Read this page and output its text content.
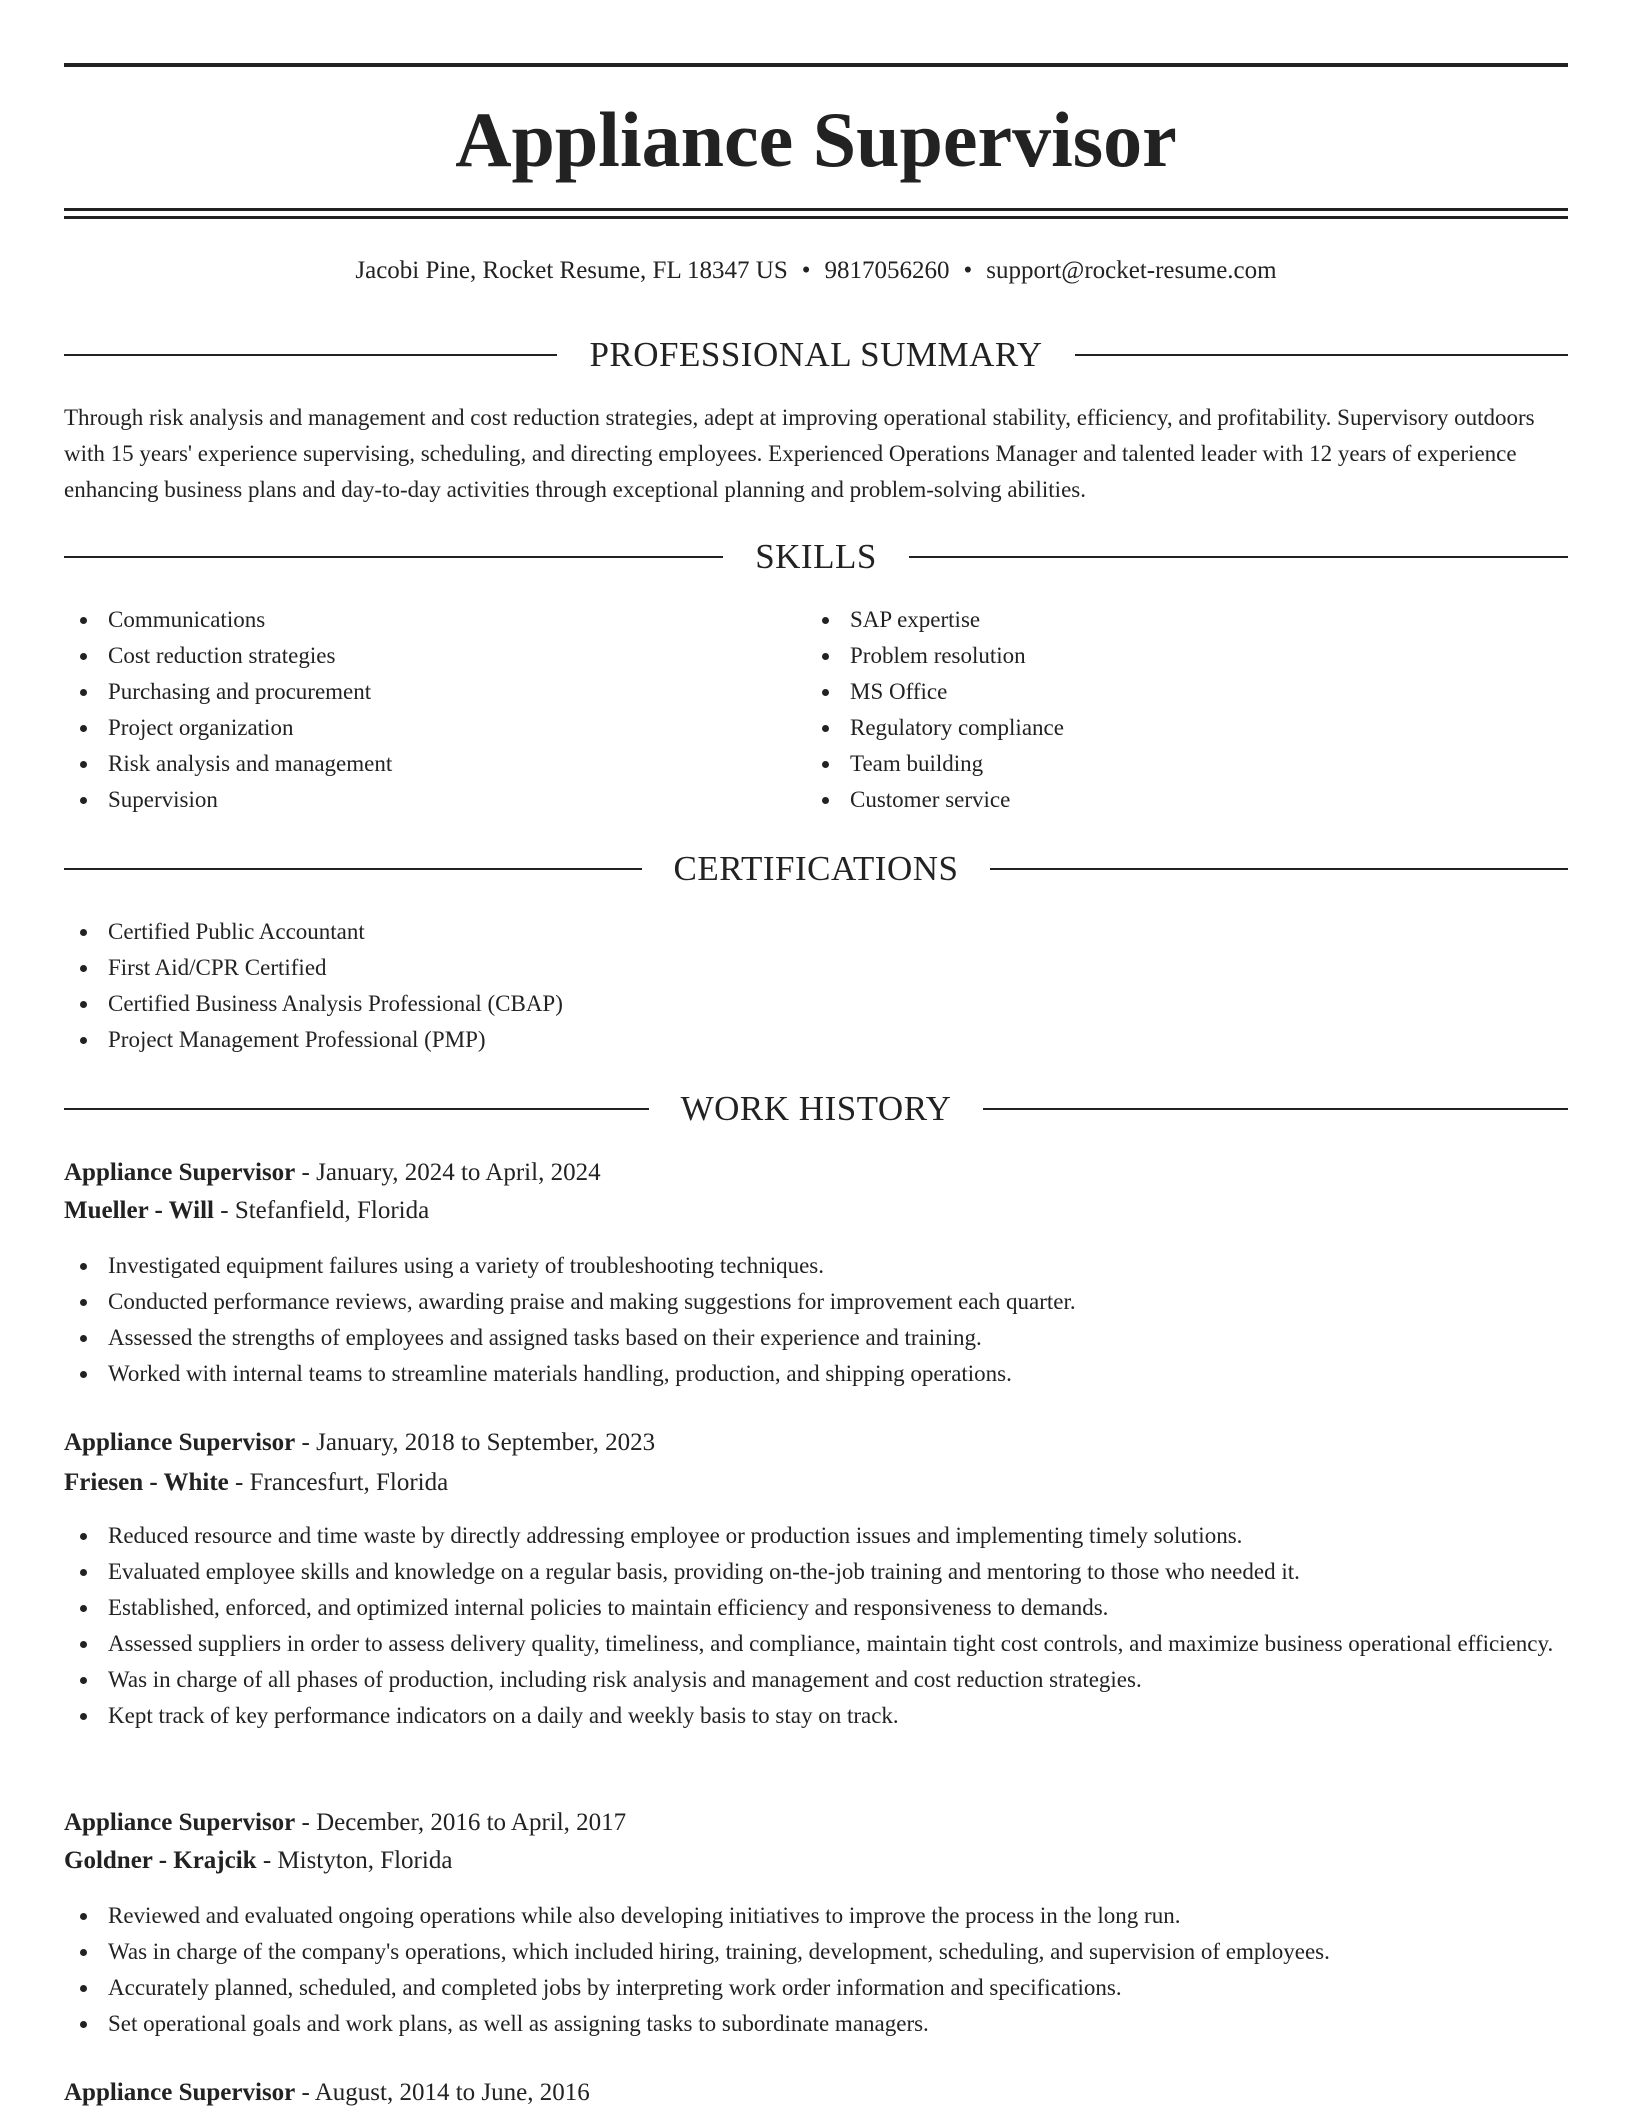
Appliance Supervisor
Jacobi Pine, Rocket Resume, FL 18347 US • 9817056260 • support@rocket-resume.com
PROFESSIONAL SUMMARY

Through risk analysis and management and cost reduction strategies, adept at improving operational stability, efficiency, and profitability. Supervisory outdoors with 15 years' experience supervising, scheduling, and directing employees. Experienced Operations Manager and talented leader with 12 years of experience enhancing business plans and day-to-day activities through exceptional planning and problem-solving abilities.

SKILLS
Communications
Cost reduction strategies
Purchasing and procurement
Project organization
Risk analysis and management
Supervision
SAP expertise
Problem resolution
MS Office
Regulatory compliance
Team building
Customer service
CERTIFICATIONS
Certified Public Accountant
First Aid/CPR Certified
Certified Business Analysis Professional (CBAP)
Project Management Professional (PMP)
WORK HISTORY
Appliance Supervisor - January, 2024 to April, 2024
Mueller - Will - Stefanfield, Florida
Investigated equipment failures using a variety of troubleshooting techniques.
Conducted performance reviews, awarding praise and making suggestions for improvement each quarter.
Assessed the strengths of employees and assigned tasks based on their experience and training.
Worked with internal teams to streamline materials handling, production, and shipping operations.
Appliance Supervisor - January, 2018 to September, 2023
Friesen - White - Francesfurt, Florida
Reduced resource and time waste by directly addressing employee or production issues and implementing timely solutions.
Evaluated employee skills and knowledge on a regular basis, providing on-the-job training and mentoring to those who needed it.
Established, enforced, and optimized internal policies to maintain efficiency and responsiveness to demands.
Assessed suppliers in order to assess delivery quality, timeliness, and compliance, maintain tight cost controls, and maximize business operational efficiency.
Was in charge of all phases of production, including risk analysis and management and cost reduction strategies.
Kept track of key performance indicators on a daily and weekly basis to stay on track.
Appliance Supervisor - December, 2016 to April, 2017
Goldner - Krajcik - Mistyton, Florida
Reviewed and evaluated ongoing operations while also developing initiatives to improve the process in the long run.
Was in charge of the company's operations, which included hiring, training, development, scheduling, and supervision of employees.
Accurately planned, scheduled, and completed jobs by interpreting work order information and specifications.
Set operational goals and work plans, as well as assigning tasks to subordinate managers.
Appliance Supervisor - August, 2014 to June, 2016
